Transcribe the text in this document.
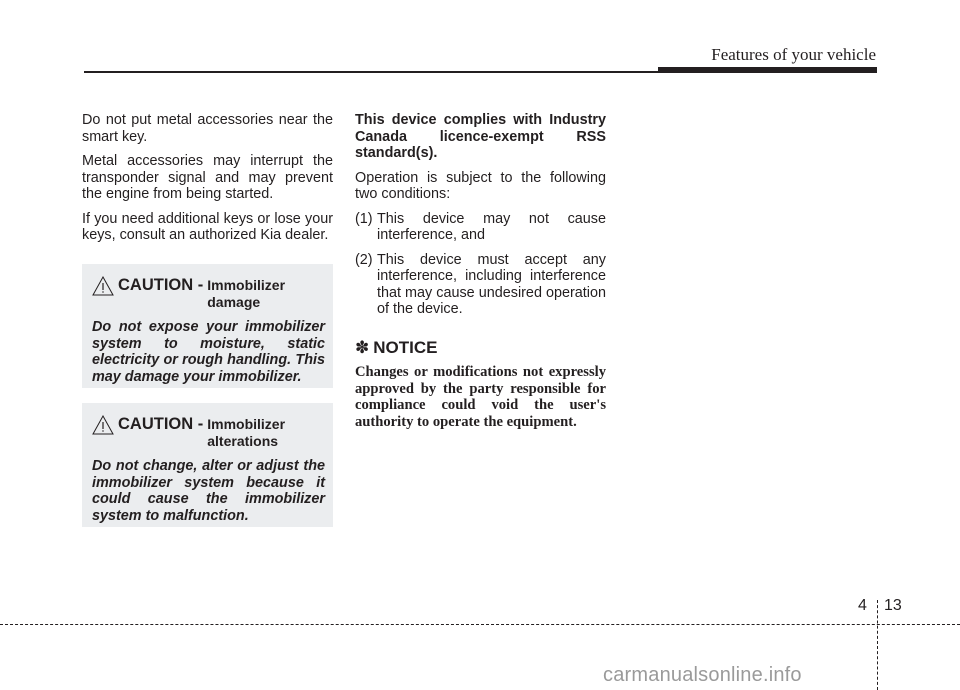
Features of your vehicle

Do not put metal accessories near the smart key.

Metal accessories may interrupt the transponder signal and may prevent the engine from being started.

If you need additional keys or lose your keys, consult an authorized Kia dealer.

CAUTION - Immobilizer
damage
Do not expose your immobilizer system to moisture, static electricity or rough handling. This may damage your immobilizer.
CAUTION - Immobilizer
alterations
Do not change, alter or adjust the immobilizer system because it could cause the immobilizer system to malfunction.

This device complies with Industry Canada licence-exempt RSS standard(s).

Operation is subject to the following two conditions:

(1) This device may not cause interference, and
(2) This device must accept any interference, including interference that may cause undesired operation of the device.
✽ NOTICE
Changes or modifications not expressly approved by the party responsible for compliance could void the user's authority to operate the equipment.
4 13
carmanualsonline.info
